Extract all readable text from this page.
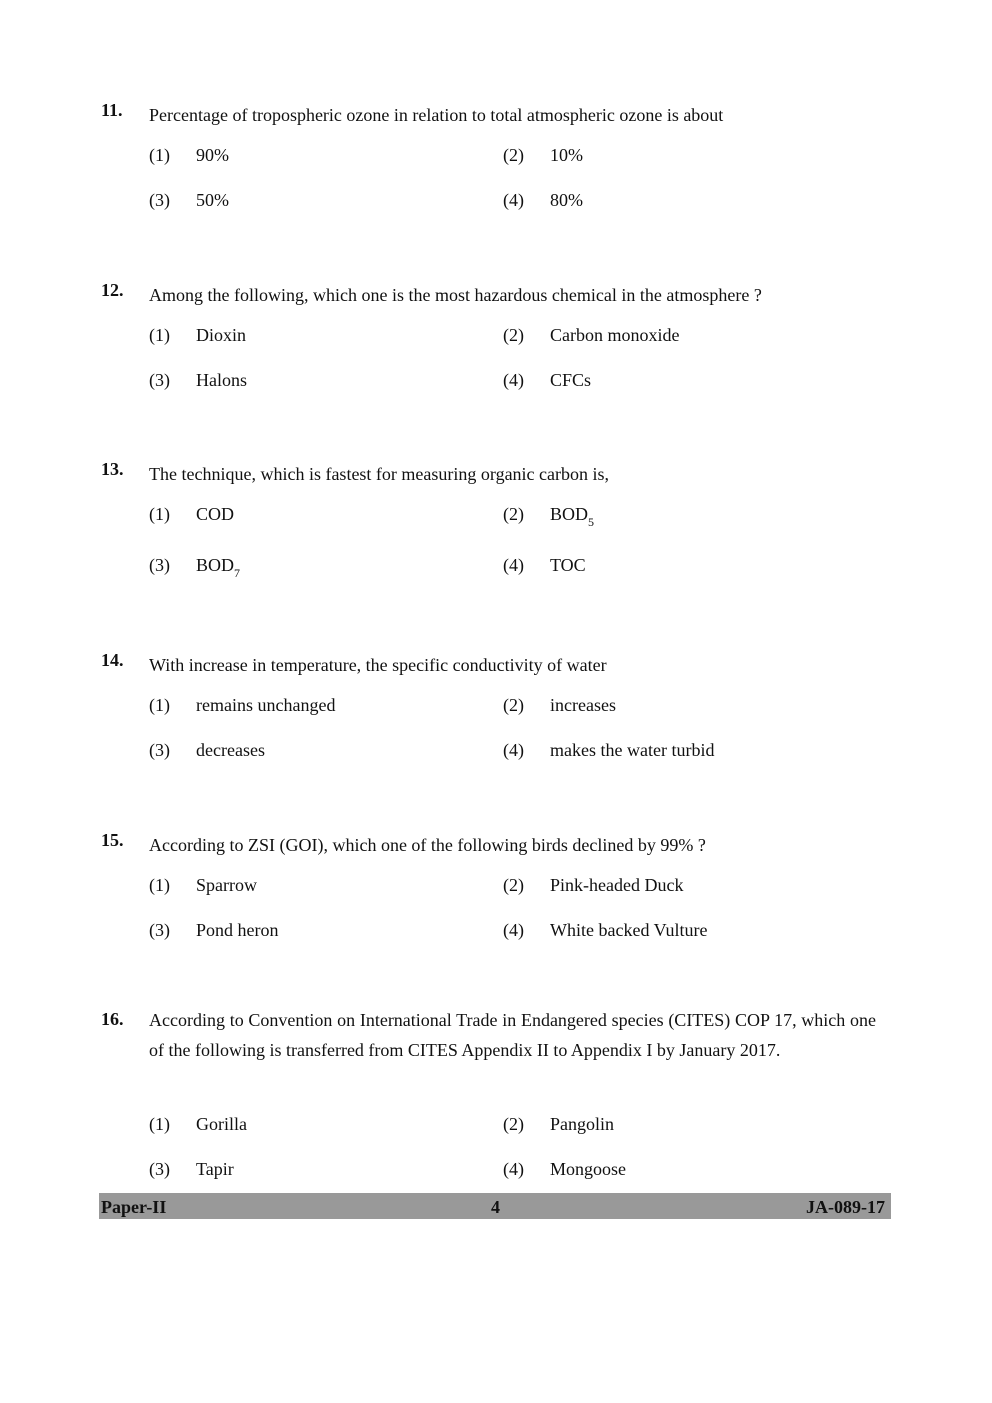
11. Percentage of tropospheric ozone in relation to total atmospheric ozone is about
(1) 90%	(2) 10%
(3) 50%	(4) 80%
12. Among the following, which one is the most hazardous chemical in the atmosphere ?
(1) Dioxin	(2) Carbon monoxide
(3) Halons	(4) CFCs
13. The technique, which is fastest for measuring organic carbon is,
(1) COD	(2) $BOD_5$
(3) $BOD_7$	(4) TOC
14. With increase in temperature, the specific conductivity of water
(1) remains unchanged	(2) increases
(3) decreases	(4) makes the water turbid
15. According to ZSI (GOI), which one of the following birds declined by 99% ?
(1) Sparrow	(2) Pink-headed Duck
(3) Pond heron	(4) White backed Vulture
16. According to Convention on International Trade in Endangered species (CITES) COP 17, which one of the following is transferred from CITES Appendix II to Appendix I by January 2017.
(1) Gorilla	(2) Pangolin
(3) Tapir	(4) Mongoose
Paper-II	4	JA-089-17
